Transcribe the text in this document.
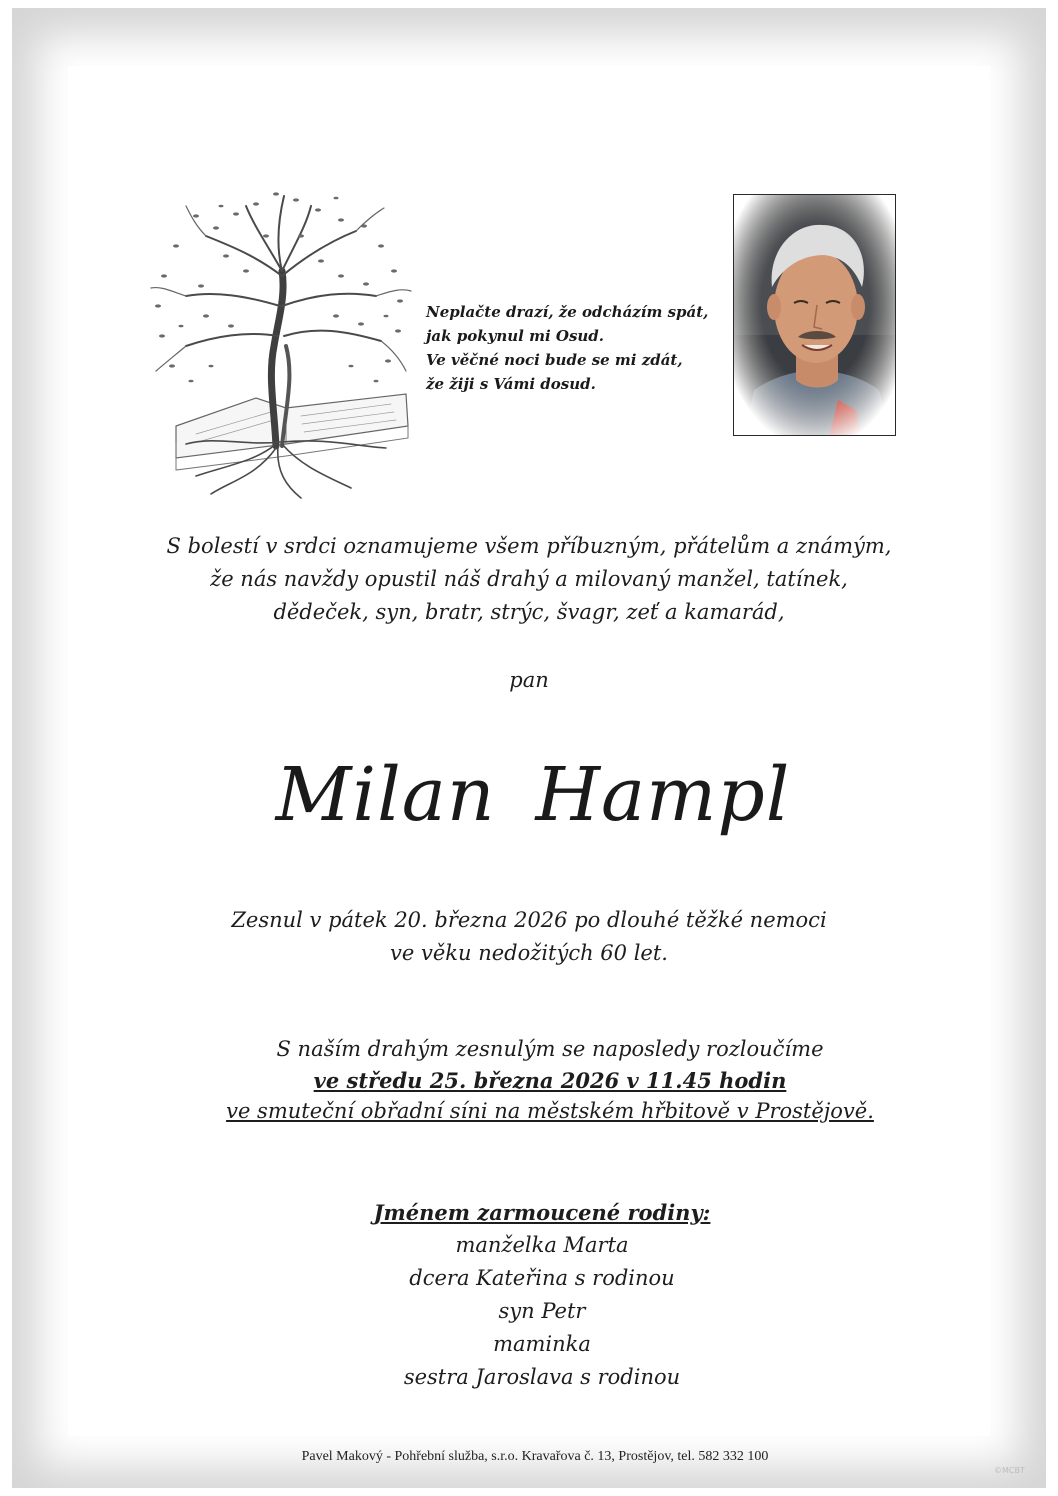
Neplačte drazí, že odcházím spát,
jak pokynul mi Osud.
Ve věčné noci bude se mi zdát,
že žiji s Vámi dosud.
S bolestí v srdci oznamujeme všem příbuzným, přátelům a známým,
že nás navždy opustil náš drahý a milovaný manžel, tatínek,
dědeček, syn, bratr, strýc, švagr, zeť a kamarád,
pan
Milan Hampl
Zesnul v pátek 20. března 2026 po dlouhé těžké nemoci
ve věku nedožitých 60 let.
S naším drahým zesnulým se naposledy rozloučíme
ve středu 25. března 2026 v 11.45 hodin
ve smuteční obřadní síni na městském hřbitově v Prostějově.
Jménem zarmoucené rodiny:
manželka Marta
dcera Kateřina s rodinou
syn Petr
maminka
sestra Jaroslava s rodinou
Pavel Makový - Pohřební služba, s.r.o. Kravařova č. 13, Prostějov, tel. 582 332 100
©MCBT
